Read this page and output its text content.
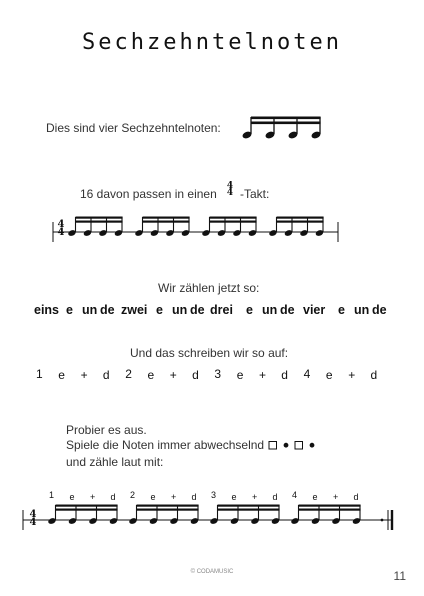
Sechzehntelnoten
Dies sind vier Sechzehntelnoten:
16 davon passen in einen
4
4 -Takt:
4
4
Wir zählen jetzt so:
eins e un de zwei e un de drei e un de vier e un de
Und das schreiben wir so auf:
1 e + d 2 e + d 3 e + d 4 e + d
Probier es aus.
Spiele die Noten immer abwechselnd
und zähle laut mit:
1 e + d 2 e + d 3 e + d 4 e + d
4
4
© CODAMUSIC	11
